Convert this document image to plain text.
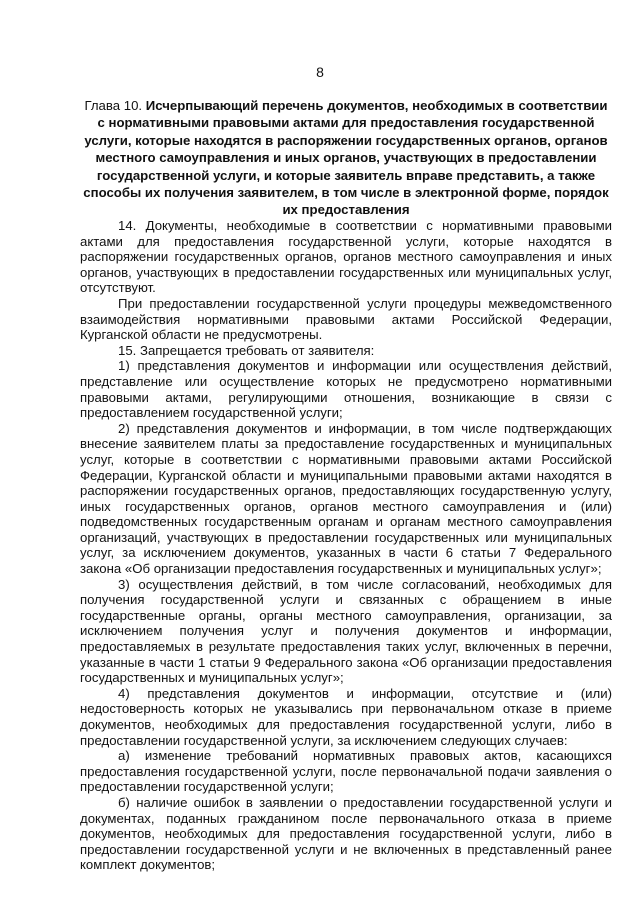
8
Глава 10. Исчерпывающий перечень документов, необходимых в соответствии с нормативными правовыми актами для предоставления государственной услуги, которые находятся в распоряжении государственных органов, органов местного самоуправления и иных органов, участвующих в предоставлении государственной услуги, и которые заявитель вправе представить, а также способы их получения заявителем, в том числе в электронной форме, порядок их предоставления

14. Документы, необходимые в соответствии с нормативными правовыми актами для предоставления государственной услуги, которые находятся в распоряжении государственных органов, органов местного самоуправления и иных органов, участвующих в предоставлении государственных или муниципальных услуг, отсутствуют.

При предоставлении государственной услуги процедуры межведомственного взаимодействия нормативными правовыми актами Российской Федерации, Курганской области не предусмотрены.

15. Запрещается требовать от заявителя:

1) представления документов и информации или осуществления действий, представление или осуществление которых не предусмотрено нормативными правовыми актами, регулирующими отношения, возникающие в связи с предоставлением государственной услуги;

2) представления документов и информации, в том числе подтверждающих внесение заявителем платы за предоставление государственных и муниципальных услуг, которые в соответствии с нормативными правовыми актами Российской Федерации, Курганской области и муниципальными правовыми актами находятся в распоряжении государственных органов, предоставляющих государственную услугу, иных государственных органов, органов местного самоуправления и (или) подведомственных государственным органам и органам местного самоуправления организаций, участвующих в предоставлении государственных или муниципальных услуг, за исключением документов, указанных в части 6 статьи 7 Федерального закона «Об организации предоставления государственных и муниципальных услуг»;

3) осуществления действий, в том числе согласований, необходимых для получения государственной услуги и связанных с обращением в иные государственные органы, органы местного самоуправления, организации, за исключением получения услуг и получения документов и информации, предоставляемых в результате предоставления таких услуг, включенных в перечни, указанные в части 1 статьи 9 Федерального закона «Об организации предоставления государственных и муниципальных услуг»;

4) представления документов и информации, отсутствие и (или) недостоверность которых не указывались при первоначальном отказе в приеме документов, необходимых для предоставления государственной услуги, либо в предоставлении государственной услуги, за исключением следующих случаев:

а) изменение требований нормативных правовых актов, касающихся предоставления государственной услуги, после первоначальной подачи заявления о предоставлении государственной услуги;

б) наличие ошибок в заявлении о предоставлении государственной услуги и документах, поданных гражданином после первоначального отказа в приеме документов, необходимых для предоставления государственной услуги, либо в предоставлении государственной услуги и не включенных в представленный ранее комплект документов;
